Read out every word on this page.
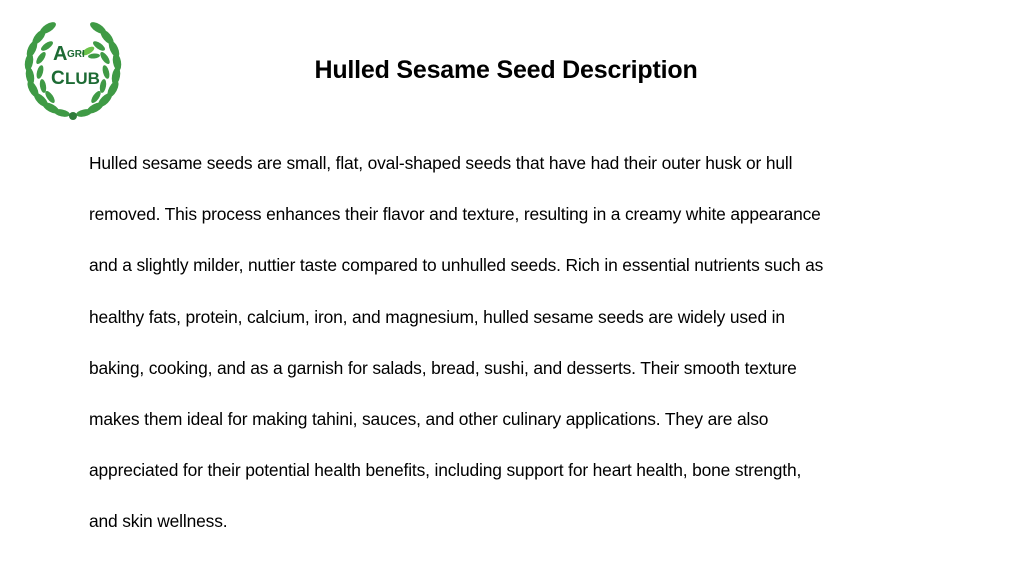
A GRI
C LUB	Hulled Sesame Seed Description
Hulled sesame seeds are small, flat, oval-shaped seeds that have had their outer husk or hull
removed. This process enhances their flavor and texture, resulting in a creamy white appearance
and a slightly milder, nuttier taste compared to unhulled seeds. Rich in essential nutrients such as
healthy fats, protein, calcium, iron, and magnesium, hulled sesame seeds are widely used in
baking, cooking, and as a garnish for salads, bread, sushi, and desserts. Their smooth texture
makes them ideal for making tahini, sauces, and other culinary applications. They are also
appreciated for their potential health benefits, including support for heart health, bone strength,
and skin wellness.
